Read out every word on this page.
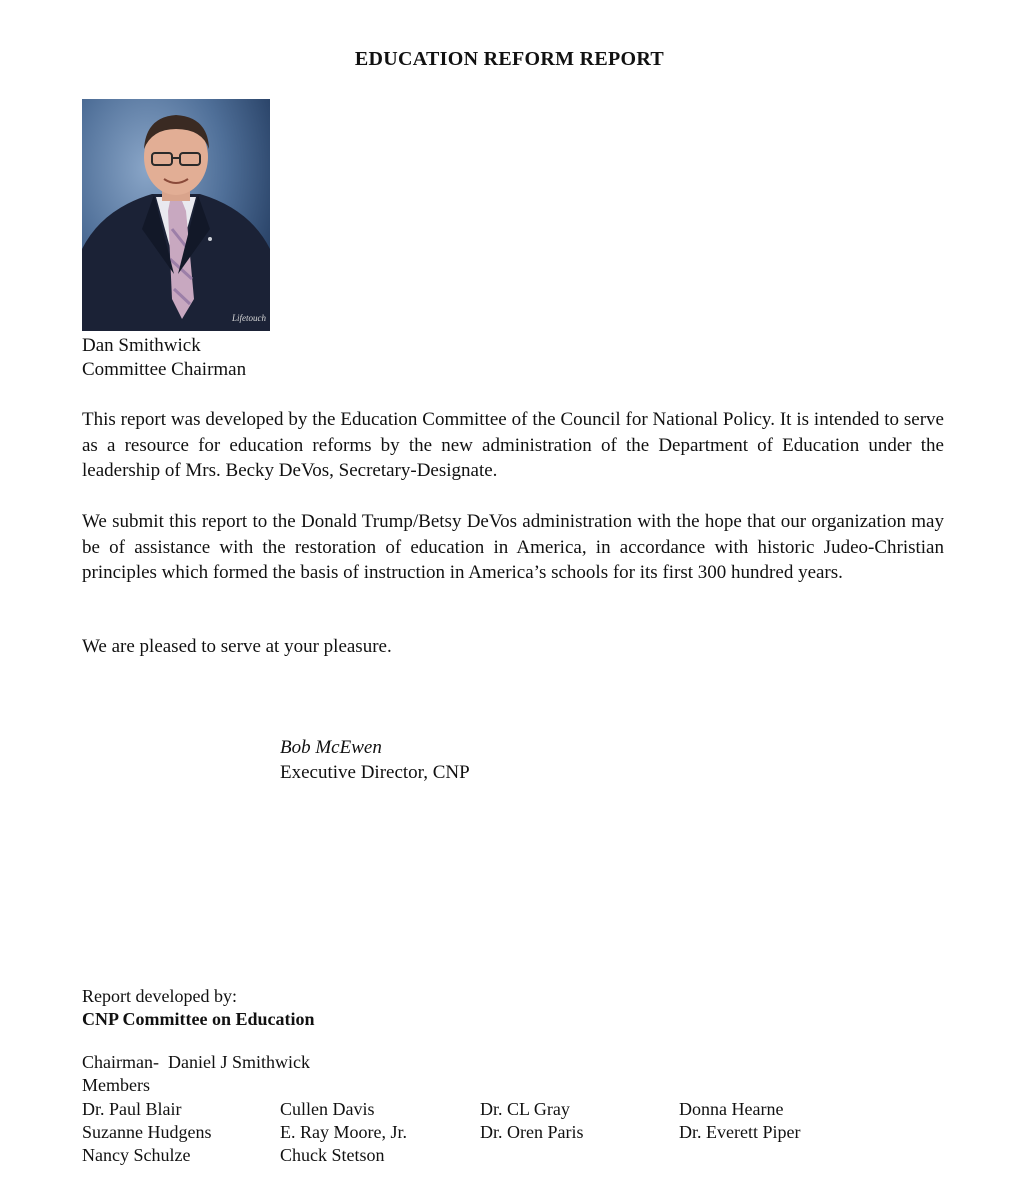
EDUCATION REFORM REPORT
Lifetouch
Dan Smithwick
Committee Chairman

This report was developed by the Education Committee of the Council for National Policy. It is intended to serve as a resource for education reforms by the new administration of the Department of Education under the leadership of Mrs. Becky DeVos, Secretary-Designate.

We submit this report to the Donald Trump/Betsy DeVos administration with the hope that our organization may be of assistance with the restoration of education in America, in accordance with historic Judeo-Christian principles which formed the basis of instruction in America’s schools for its first 300 hundred years.

We are pleased to serve at your pleasure.

Bob McEwen
Executive Director, CNP
Report developed by:
CNP Committee on Education
Chairman-  Daniel J Smithwick
Members
Dr. Paul Blair	Cullen Davis	Dr. CL Gray	Donna Hearne
Suzanne Hudgens	E. Ray Moore, Jr.	Dr. Oren Paris	Dr. Everett Piper
Nancy Schulze	Chuck Stetson
